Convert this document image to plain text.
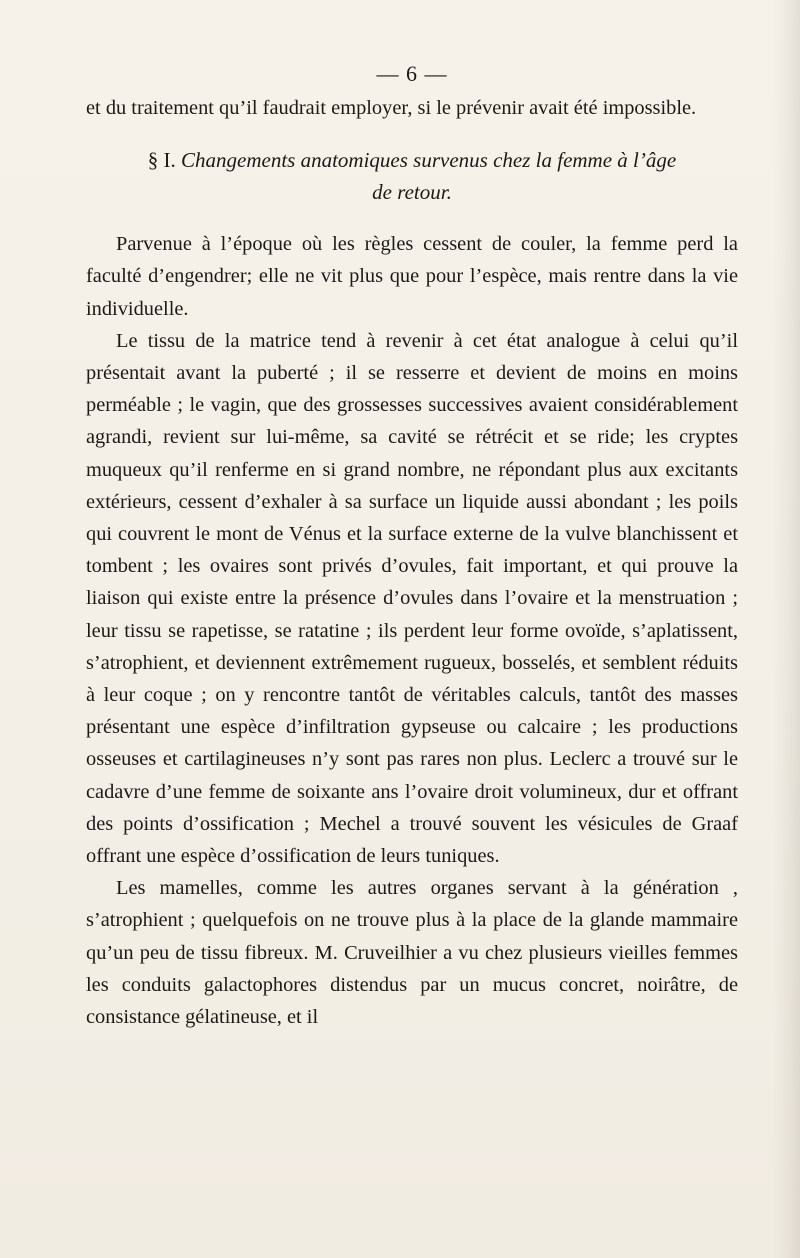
— 6 —

et du traitement qu’il faudrait employer, si le prévenir avait été impossible.

§ I. Changements anatomiques survenus chez la femme à l’âge
de retour.

Parvenue à l’époque où les règles cessent de couler, la femme perd la faculté d’engendrer; elle ne vit plus que pour l’espèce, mais rentre dans la vie individuelle.

Le tissu de la matrice tend à revenir à cet état analogue à celui qu’il présentait avant la puberté ; il se resserre et devient de moins en moins perméable ; le vagin, que des grossesses successives avaient considérablement agrandi, revient sur lui-même, sa cavité se rétrécit et se ride; les cryptes muqueux qu’il renferme en si grand nombre, ne répondant plus aux excitants extérieurs, cessent d’exhaler à sa surface un liquide aussi abondant ; les poils qui couvrent le mont de Vénus et la surface externe de la vulve blanchissent et tombent ; les ovaires sont privés d’ovules, fait important, et qui prouve la liaison qui existe entre la présence d’ovules dans l’ovaire et la menstruation ; leur tissu se rapetisse, se ratatine ; ils perdent leur forme ovoïde, s’aplatissent, s’atrophient, et deviennent extrêmement rugueux, bosselés, et semblent réduits à leur coque ; on y rencontre tantôt de véritables calculs, tantôt des masses présentant une espèce d’infiltration gypseuse ou calcaire ; les productions osseuses et cartilagineuses n’y sont pas rares non plus. Leclerc a trouvé sur le cadavre d’une femme de soixante ans l’ovaire droit volumineux, dur et offrant des points d’ossification ; Mechel a trouvé souvent les vésicules de Graaf offrant une espèce d’ossification de leurs tuniques.

Les mamelles, comme les autres organes servant à la génération , s’atrophient ; quelquefois on ne trouve plus à la place de la glande mammaire qu’un peu de tissu fibreux. M. Cruveilhier a vu chez plusieurs vieilles femmes les conduits galactophores distendus par un mucus concret, noirâtre, de consistance gélatineuse, et il
